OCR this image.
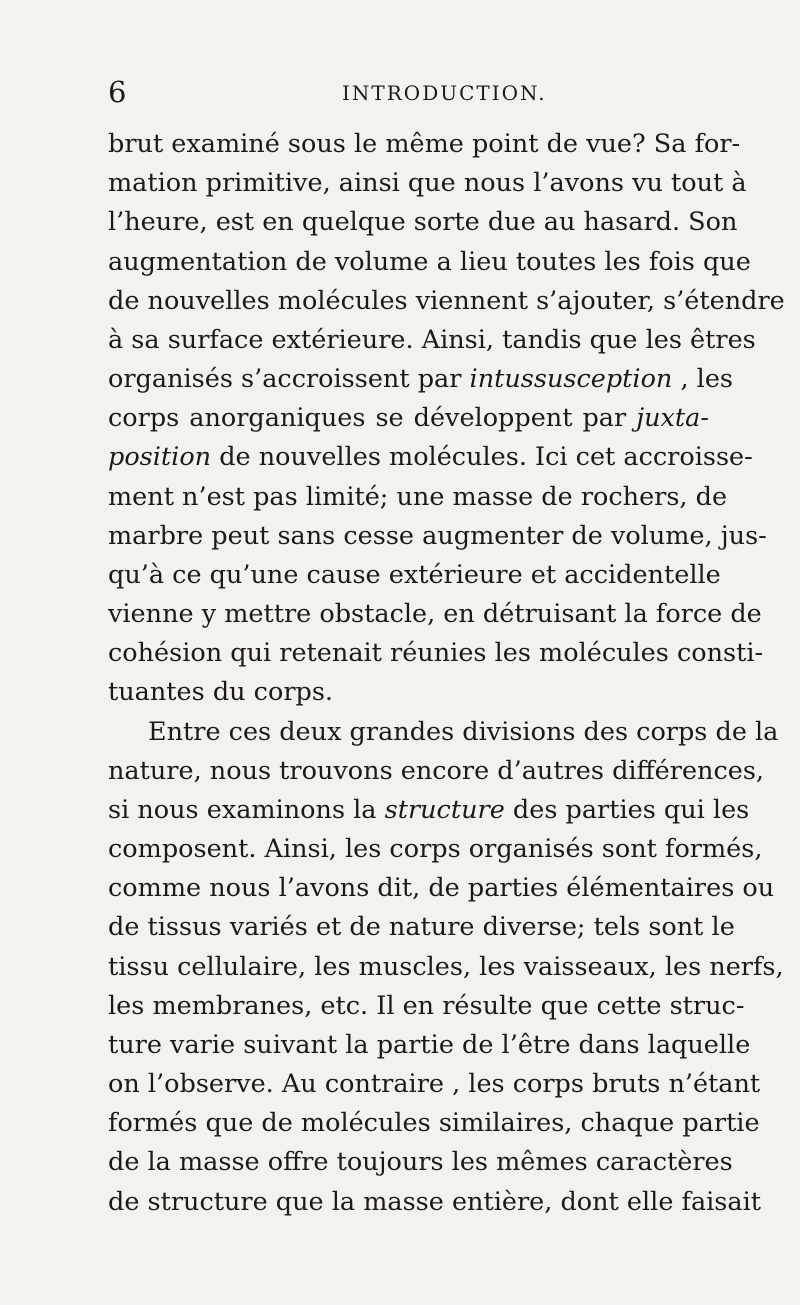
6	INTRODUCTION.
brut examiné sous le même point de vue? Sa for-
mation primitive, ainsi que nous l’avons vu tout à
l’heure, est en quelque sorte due au hasard. Son
augmentation de volume a lieu toutes les fois que
de nouvelles molécules viennent s’ajouter, s’étendre
à sa surface extérieure. Ainsi, tandis que les êtres
organisés s’accroissent par intussusception , les
corps anorganiques se développent par juxta-
position de nouvelles molécules. Ici cet accroisse-
ment n’est pas limité; une masse de rochers, de
marbre peut sans cesse augmenter de volume, jus-
qu’à ce qu’une cause extérieure et accidentelle
vienne y mettre obstacle, en détruisant la force de
cohésion qui retenait réunies les molécules consti-
tuantes du corps.
Entre ces deux grandes divisions des corps de la
nature, nous trouvons encore d’autres différences,
si nous examinons la structure des parties qui les
composent. Ainsi, les corps organisés sont formés,
comme nous l’avons dit, de parties élémentaires ou
de tissus variés et de nature diverse; tels sont le
tissu cellulaire, les muscles, les vaisseaux, les nerfs,
les membranes, etc. Il en résulte que cette struc-
ture varie suivant la partie de l’être dans laquelle
on l’observe. Au contraire , les corps bruts n’étant
formés que de molécules similaires, chaque partie
de la masse offre toujours les mêmes caractères
de structure que la masse entière, dont elle faisait
